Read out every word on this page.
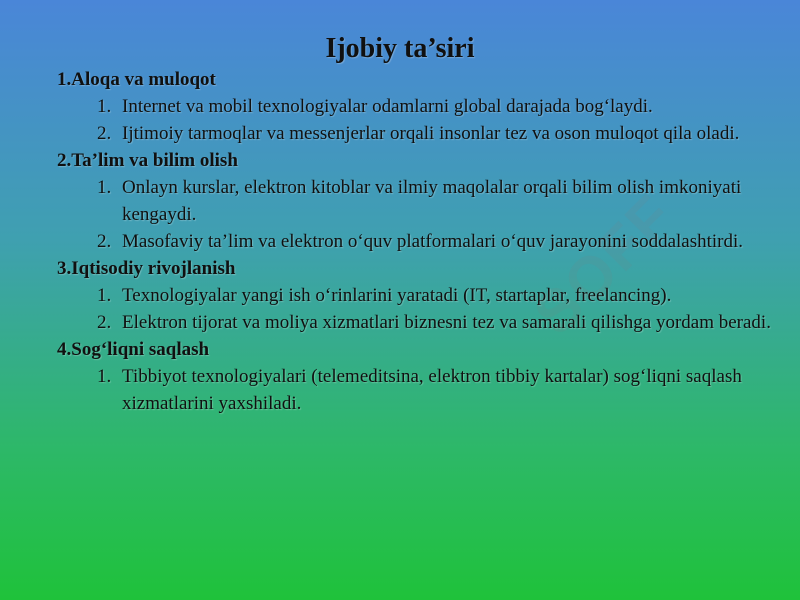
SOFF
Ijobiy ta’siri

1.Aloqa va muloqot

1. Internet va mobil texnologiyalar odamlarni global darajada bog‘laydi.
2. Ijtimoiy tarmoqlar va messenjerlar orqali insonlar tez va oson muloqot qila oladi.

2.Ta’lim va bilim olish

1. Onlayn kurslar, elektron kitoblar va ilmiy maqolalar orqali bilim olish imkoniyati kengaydi.
2. Masofaviy ta’lim va elektron o‘quv platformalari o‘quv jarayonini soddalashtirdi.

3.Iqtisodiy rivojlanish

1. Texnologiyalar yangi ish o‘rinlarini yaratadi (IT, startaplar, freelancing).
2. Elektron tijorat va moliya xizmatlari biznesni tez va samarali qilishga yordam beradi.

4.Sog‘liqni saqlash

1. Tibbiyot texnologiyalari (telemeditsina, elektron tibbiy kartalar) sog‘liqni saqlash xizmatlarini yaxshiladi.
